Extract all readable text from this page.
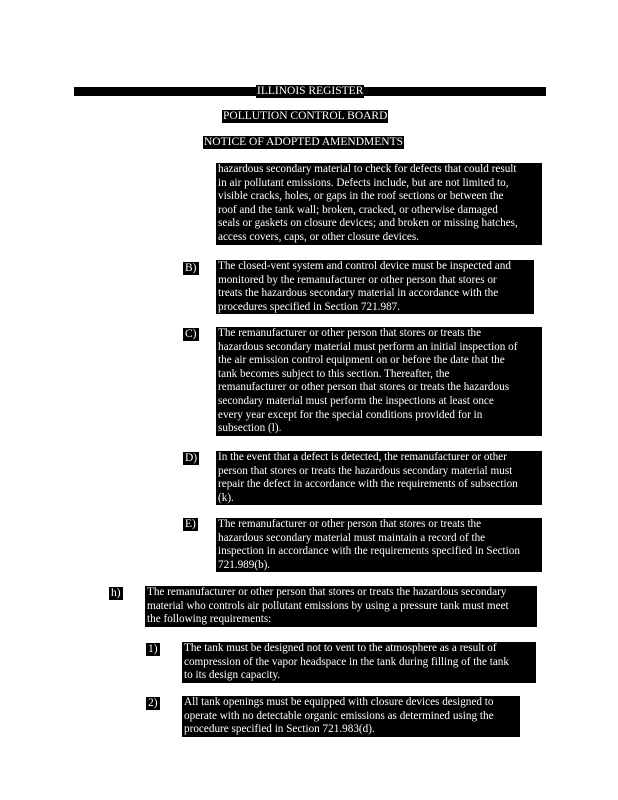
ILLINOIS REGISTER
POLLUTION CONTROL BOARD
NOTICE OF ADOPTED AMENDMENTS
hazardous secondary material to check for defects that could result
in air pollutant emissions. Defects include, but are not limited to,
visible cracks, holes, or gaps in the roof sections or between the
roof and the tank wall; broken, cracked, or otherwise damaged
seals or gaskets on closure devices; and broken or missing hatches,
access covers, caps, or other closure devices.
B) The closed-vent system and control device must be inspected and
monitored by the remanufacturer or other person that stores or
treats the hazardous secondary material in accordance with the
procedures specified in Section 721.987.
C) The remanufacturer or other person that stores or treats the
hazardous secondary material must perform an initial inspection of
the air emission control equipment on or before the date that the
tank becomes subject to this section. Thereafter, the
remanufacturer or other person that stores or treats the hazardous
secondary material must perform the inspections at least once
every year except for the special conditions provided for in
subsection (l).
D) In the event that a defect is detected, the remanufacturer or other
person that stores or treats the hazardous secondary material must
repair the defect in accordance with the requirements of subsection
(k).
E) The remanufacturer or other person that stores or treats the
hazardous secondary material must maintain a record of the
inspection in accordance with the requirements specified in Section
721.989(b).
h) The remanufacturer or other person that stores or treats the hazardous secondary
material who controls air pollutant emissions by using a pressure tank must meet
the following requirements:
1) The tank must be designed not to vent to the atmosphere as a result of
compression of the vapor headspace in the tank during filling of the tank
to its design capacity.
2) All tank openings must be equipped with closure devices designed to
operate with no detectable organic emissions as determined using the
procedure specified in Section 721.983(d).
